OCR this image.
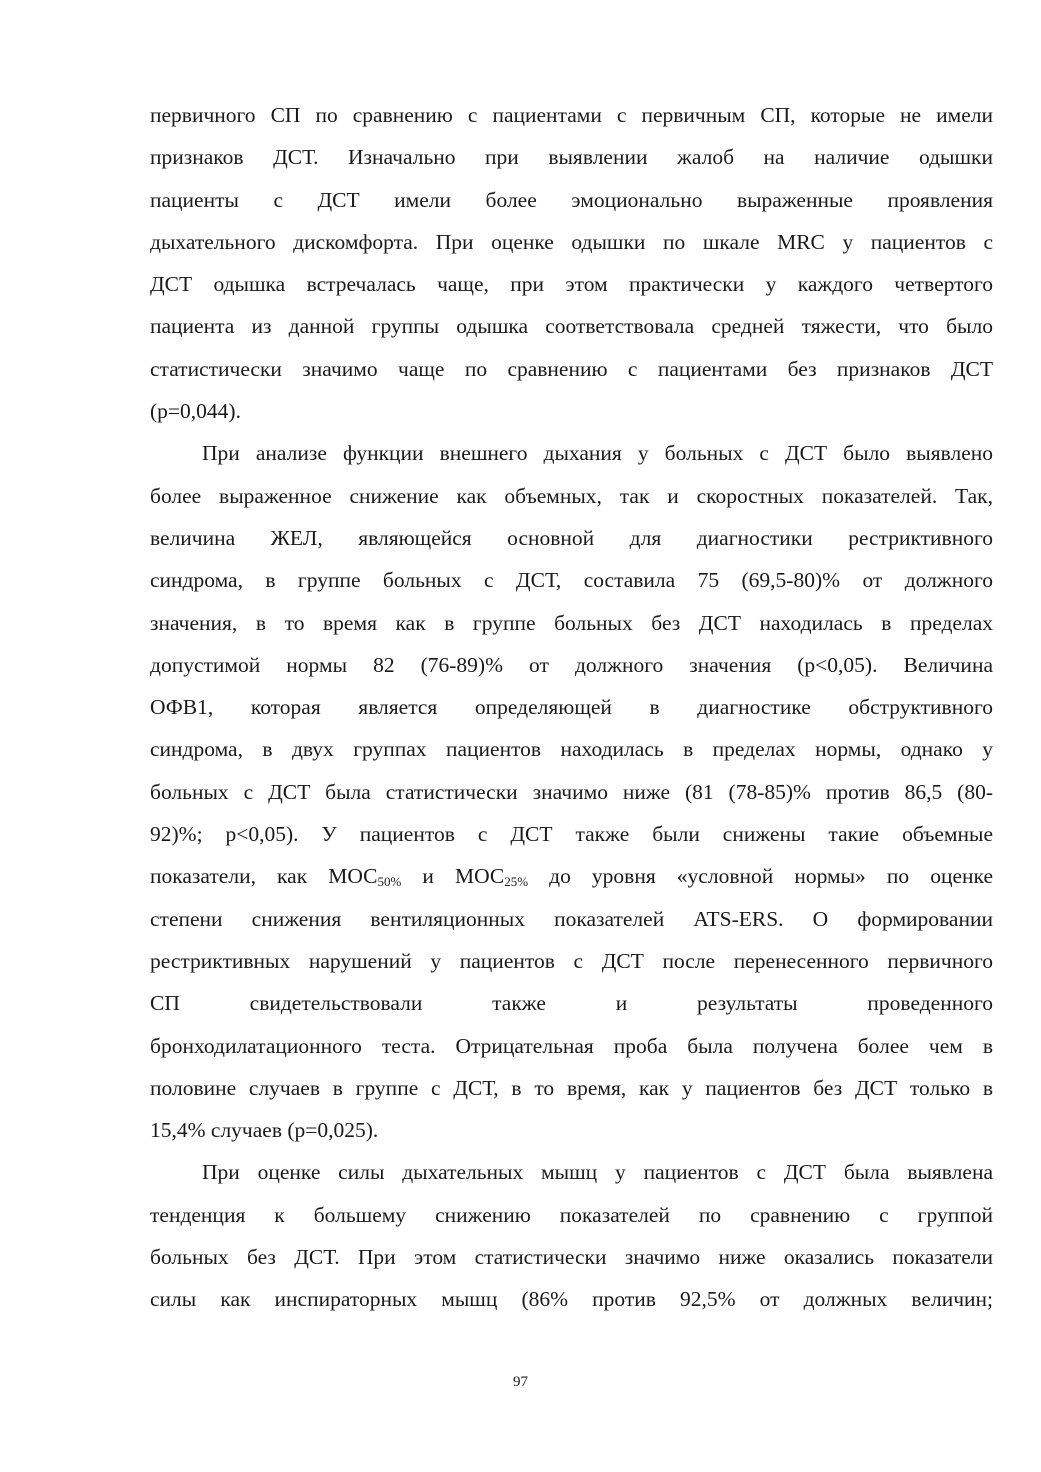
первичного СП по сравнению с пациентами с первичным СП, которые не имели
признаков ДСТ. Изначально при выявлении жалоб на наличие одышки
пациенты с ДСТ имели более эмоционально выраженные проявления
дыхательного дискомфорта. При оценке одышки по шкале MRC у пациентов с
ДСТ одышка встречалась чаще, при этом практически у каждого четвертого
пациента из данной группы одышка соответствовала средней тяжести, что было
статистически значимо чаще по сравнению с пациентами без признаков ДСТ
(p=0,044).
При анализе функции внешнего дыхания у больных с ДСТ было выявлено
более выраженное снижение как объемных, так и скоростных показателей. Так,
величина ЖЕЛ, являющейся основной для диагностики рестриктивного
синдрома, в группе больных с ДСТ, составила 75 (69,5-80)% от должного
значения, в то время как в группе больных без ДСТ находилась в пределах
допустимой нормы 82 (76-89)% от должного значения (p<0,05). Величина
ОФВ1, которая является определяющей в диагностике обструктивного
синдрома, в двух группах пациентов находилась в пределах нормы, однако у
больных с ДСТ была статистически значимо ниже (81 (78-85)% против 86,5 (80-
92)%; p<0,05). У пациентов с ДСТ также были снижены такие объемные
показатели, как $МОС_{50\%}$ и $МОС_{25\%}$ до уровня «условной нормы» по оценке
степени снижения вентиляционных показателей ATS-ERS. О формировании
рестриктивных нарушений у пациентов с ДСТ после перенесенного первичного
СП свидетельствовали также и результаты проведенного
бронходилатационного теста. Отрицательная проба была получена более чем в
половине случаев в группе с ДСТ, в то время, как у пациентов без ДСТ только в
15,4% случаев (p=0,025).
При оценке силы дыхательных мышц у пациентов с ДСТ была выявлена
тенденция к большему снижению показателей по сравнению с группой
больных без ДСТ. При этом статистически значимо ниже оказались показатели
силы как инспираторных мышц (86% против 92,5% от должных величин;
97
